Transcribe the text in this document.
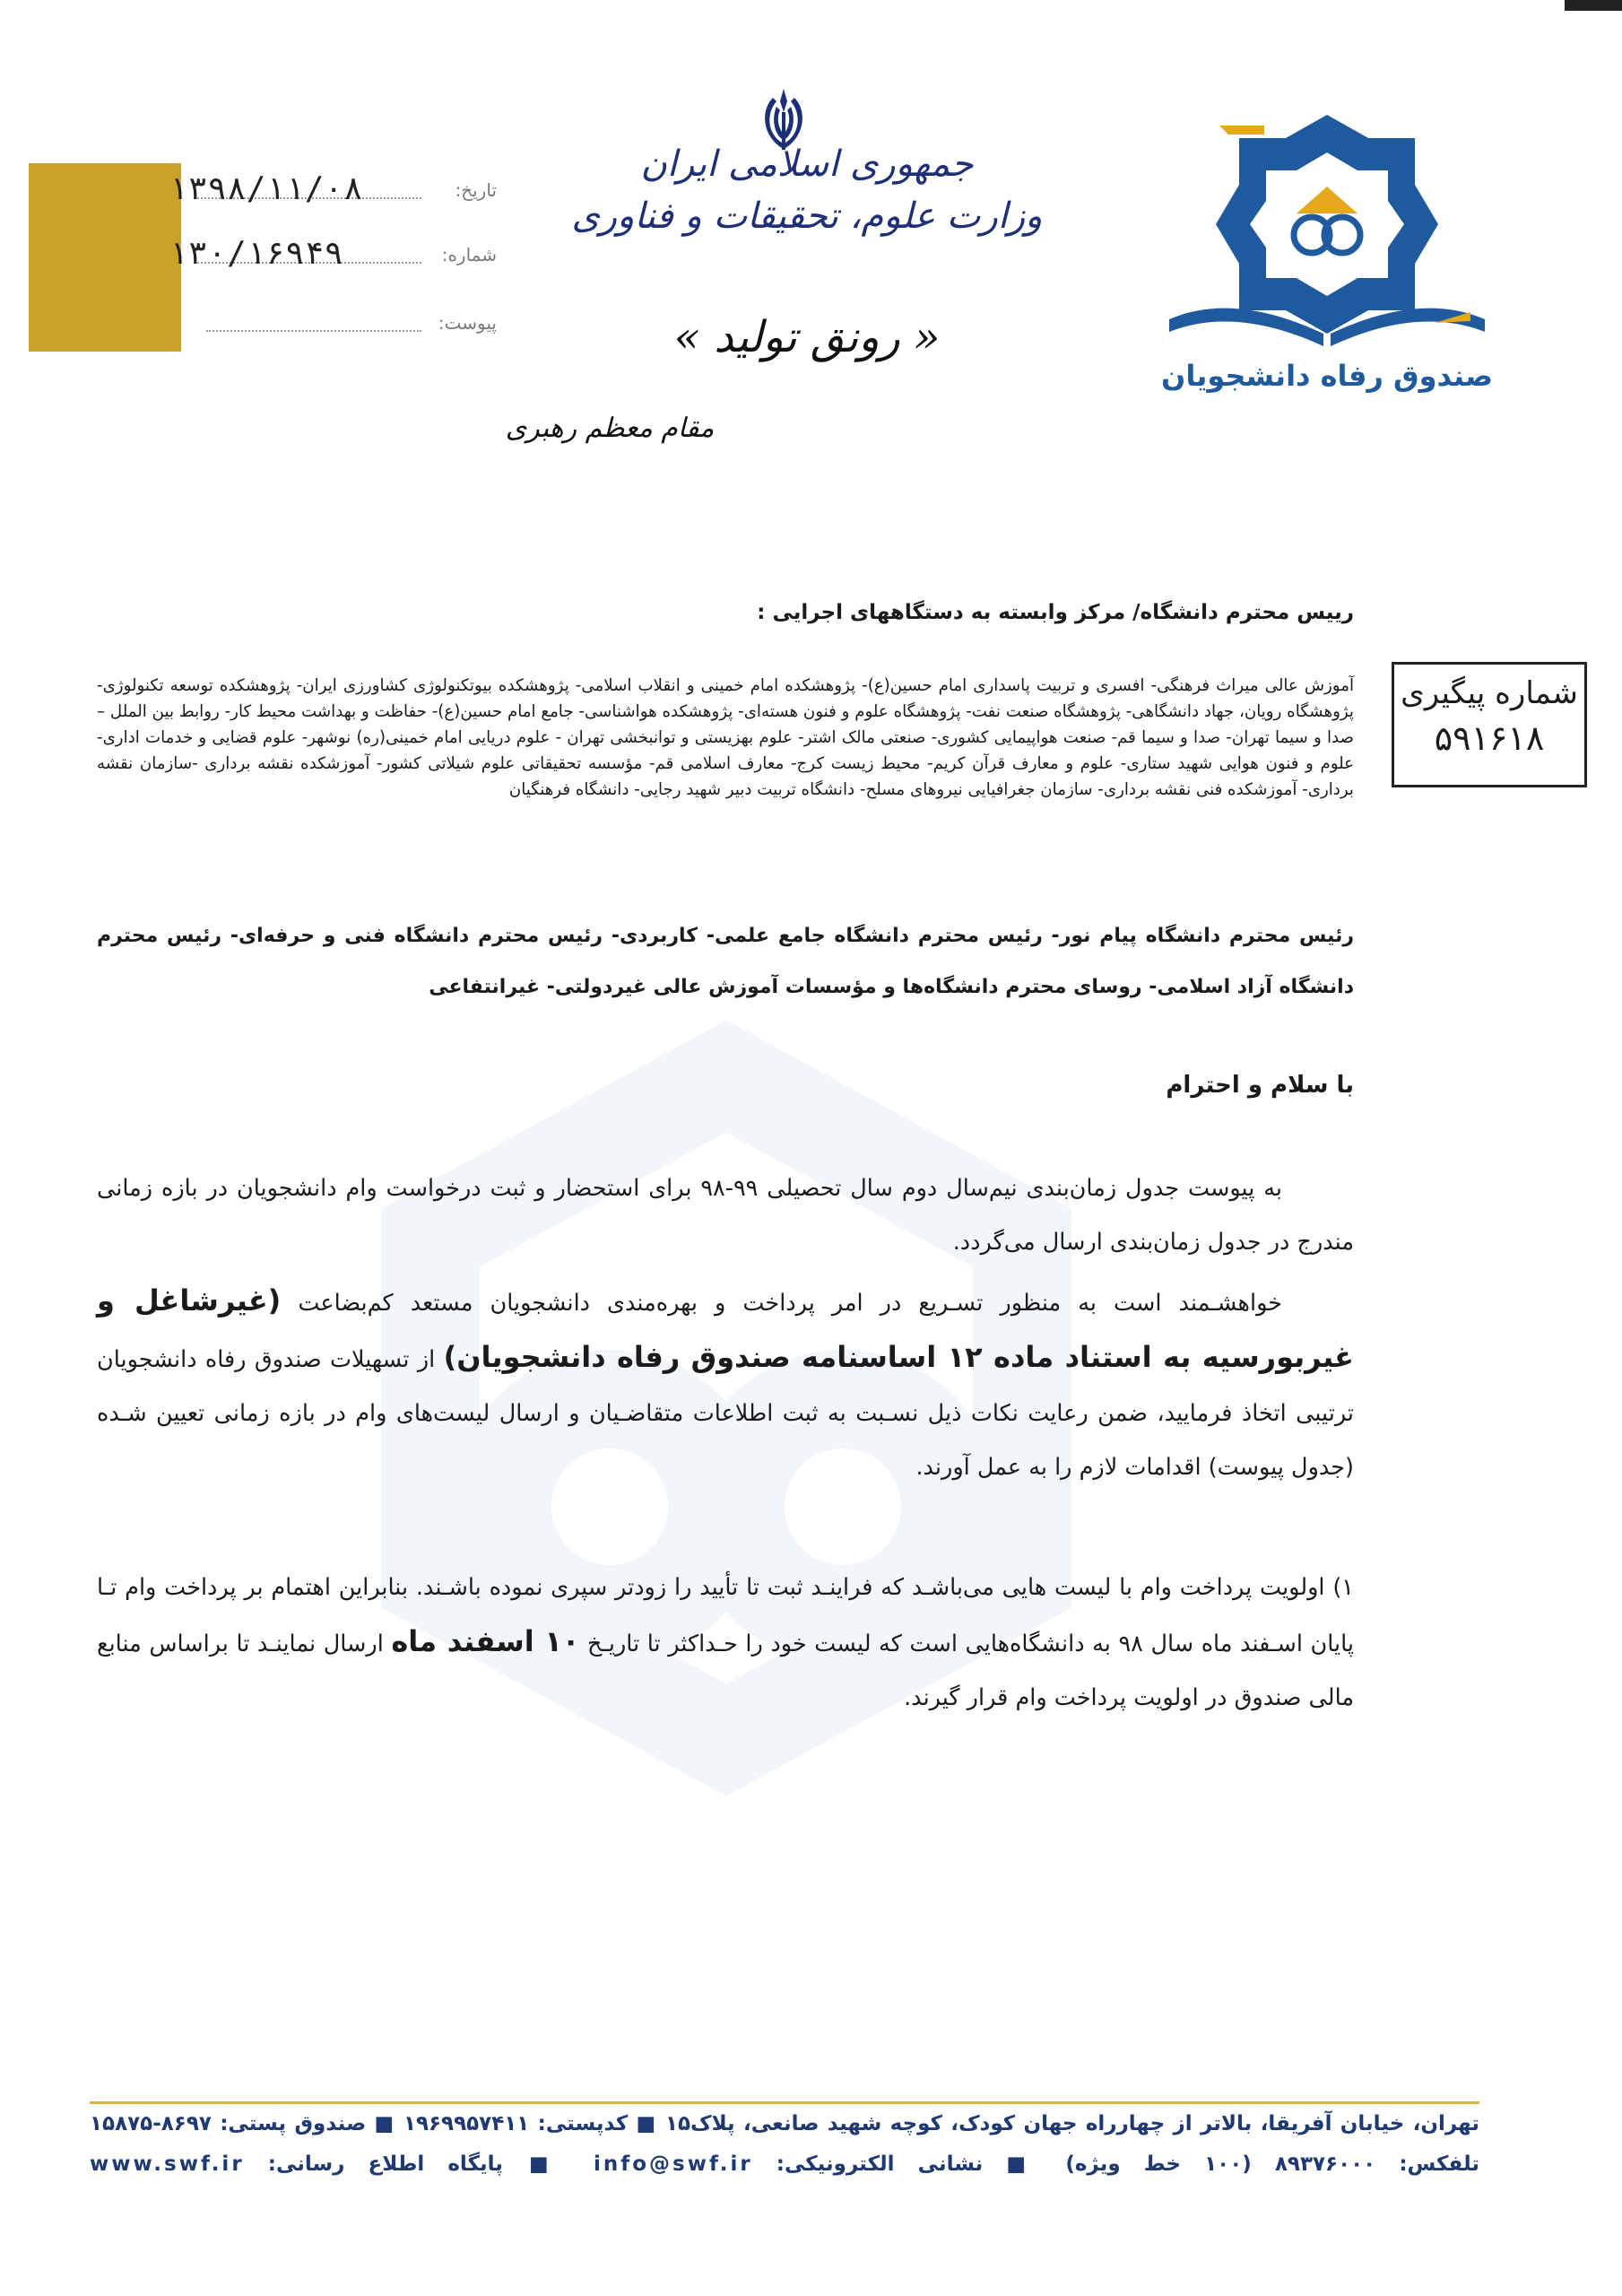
تاریخ:
۱۳۹۸/۱۱/۰۸
شماره:
۱۳۰/۱۶۹۴۹
پیوست:
جمهوری اسلامی ایران
وزارت علوم، تحقیقات و فناوری
« رونق تولید »
مقام معظم رهبری
صندوق رفاه دانشجویان
شماره پیگیری
۵۹۱۶۱۸
رییس محترم دانشگاه/ مرکز وابسته به دستگاههای اجرایی :
آموزش عالی میراث فرهنگی- افسری و تربیت پاسداری امام حسین(ع)- پژوهشکده امام خمینی و انقلاب اسلامی- پژوهشکده بیوتکنولوژی کشاورزی ایران- پژوهشکده توسعه تکنولوژی- پژوهشگاه رویان، جهاد دانشگاهی- پژوهشگاه صنعت نفت- پژوهشگاه علوم و فنون هسته‌ای- پژوهشکده هواشناسی- جامع امام حسین(ع)- حفاظت و بهداشت محیط کار- روابط بین الملل – صدا و سیما تهران- صدا و سیما قم- صنعت هواپیمایی کشوری- صنعتی مالک اشتر- علوم بهزیستی و توانبخشی تهران - علوم دریایی امام خمینی(ره) نوشهر- علوم قضایی و خدمات اداری- علوم و فنون هوایی شهید ستاری- علوم و معارف قرآن کریم- محیط زیست کرج- معارف اسلامی قم- مؤسسه تحقیقاتی علوم شیلاتی کشور- آموزشکده نقشه برداری -سازمان نقشه برداری- آموزشکده فنی نقشه برداری- سازمان جغرافیایی نیروهای مسلح- دانشگاه تربیت دبیر شهید رجایی- دانشگاه فرهنگیان
رئیس محترم دانشگاه پیام نور- رئیس محترم دانشگاه جامع علمی- کاربردی- رئیس محترم دانشگاه فنی و حرفه‌ای- رئیس محترم دانشگاه آزاد اسلامی- روسای محترم دانشگاه‌ها و مؤسسات آموزش عالی غیردولتی- غیرانتفاعی
با سلام و احترام
به پیوست جدول زمان‌بندی نیم‌سال دوم سال تحصیلی ۹۹-۹۸ برای استحضار و ثبت درخواست وام دانشجویان در بازه زمانی مندرج در جدول زمان‌بندی ارسال می‌گردد.
خواهشـمند است به منظور تسـریع در امر پرداخت و بهره‌مندی دانشجویان مستعد کم‌بضاعت (غیرشاغل و غیربورسیه به استناد ماده ۱۲ اساسنامه صندوق رفاه دانشجویان) از تسهیلات صندوق رفاه دانشجویان ترتیبی اتخاذ فرمایید، ضمن رعایت نکات ذیل نسـبت به ثبت اطلاعات متقاضـیان و ارسال لیست‌های وام در بازه زمانی تعیین شـده (جدول پیوست) اقدامات لازم را به عمل آورند.
۱) اولویت پرداخت وام با لیست هایی می‌باشـد که فراینـد ثبت تا تأیید را زودتر سپری نموده باشـند. بنابراین اهتمام بر پرداخت وام تـا پایان اسـفند ماه سال ۹۸ به دانشگاه‌هایی است که لیست خود را حـداکثر تا تاریـخ ۱۰ اسفند ماه ارسال نماینـد تا براساس منابع مالی صندوق در اولویت پرداخت وام قرار گیرند.
تهران، خیابان آفریقا، بالاتر از چهارراه جهان کودک، کوچه شهید صانعی، پلاک۱۵ ■ کدپستی: ۱۹۶۹۹۵۷۴۱۱ ■ صندوق پستی: ۸۶۹۷-۱۵۸۷۵
تلفکس: ۸۹۳۷۶۰۰۰ (۱۰۰ خط ویژه) ■ نشانی الکترونیکی: info@swf.ir ■ پایگاه اطلاع رسانی: www.swf.ir
